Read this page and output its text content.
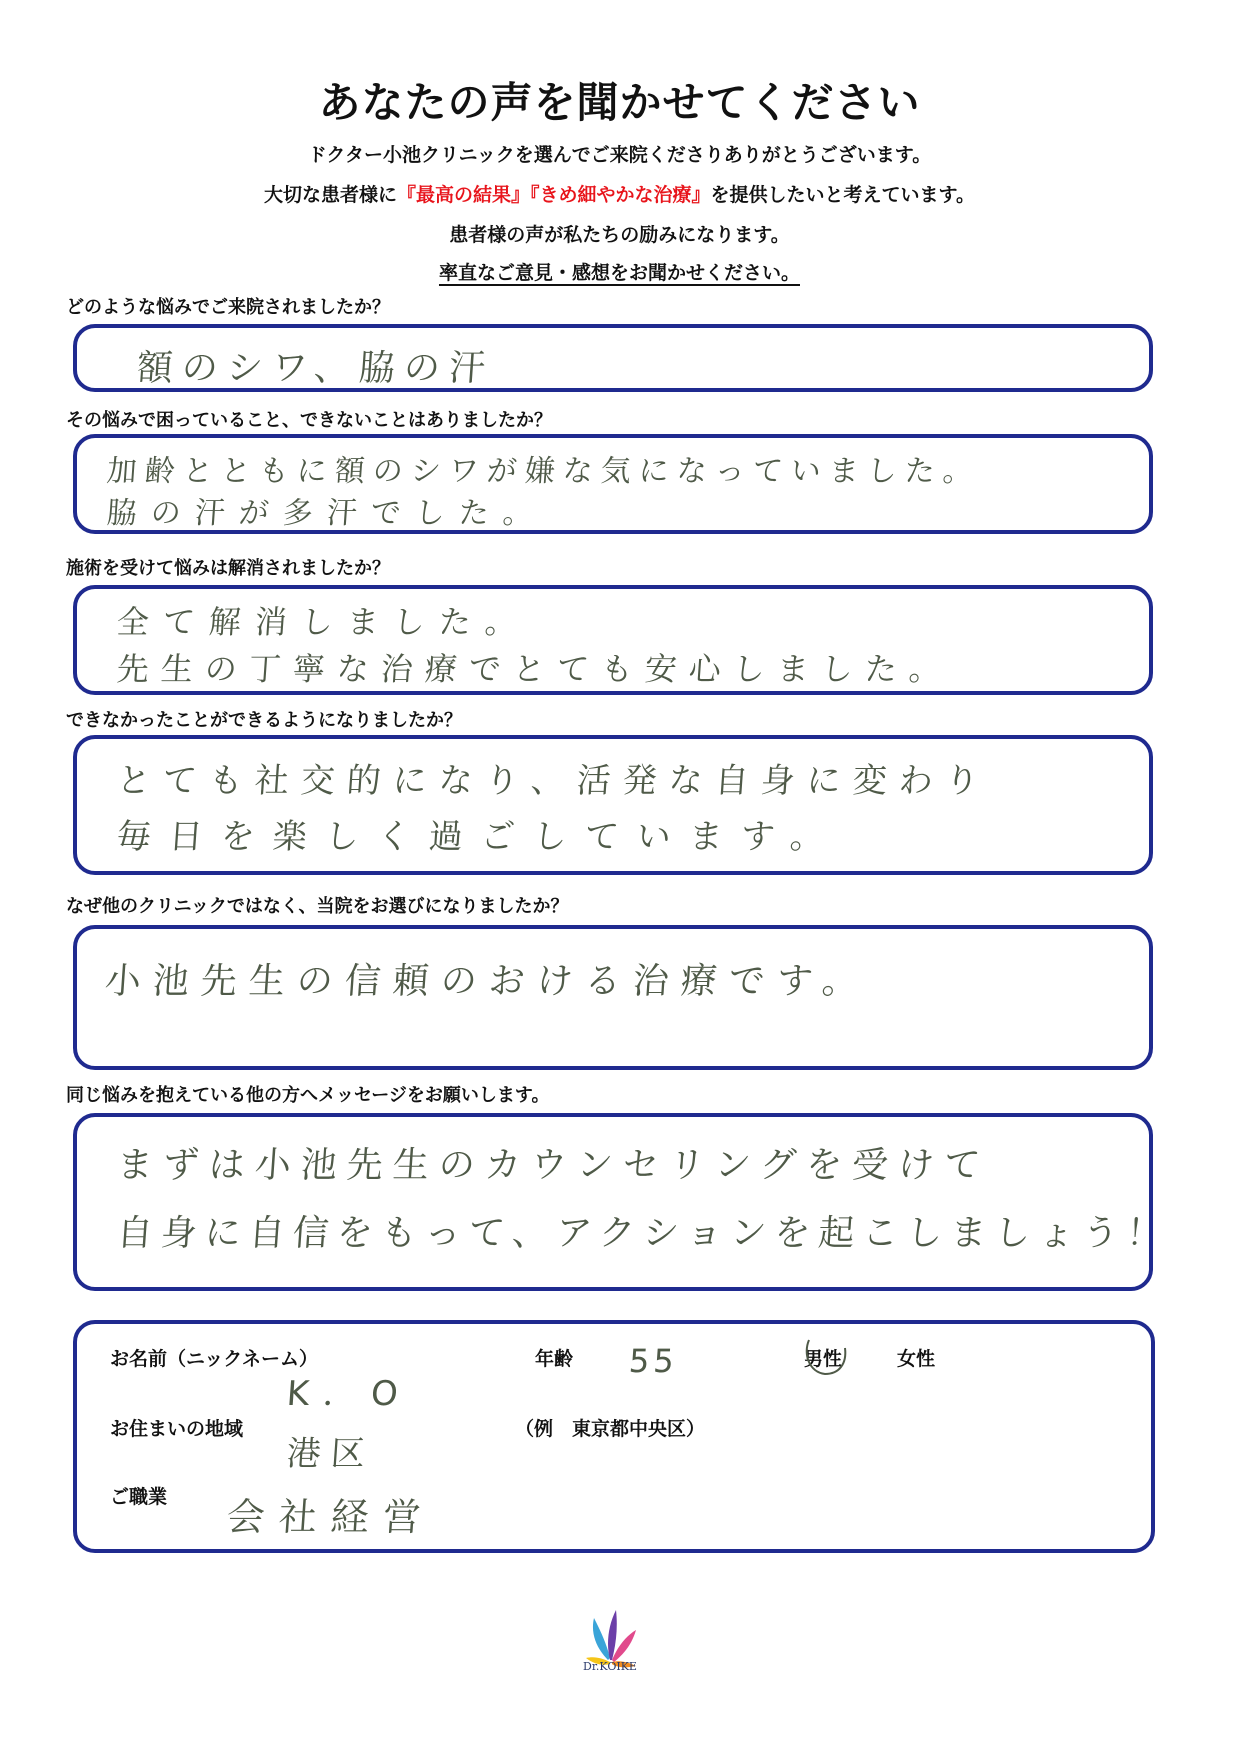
あなたの声を聞かせてください
ドクター小池クリニックを選んでご来院くださりありがとうございます。
大切な患者様に『最高の結果』『きめ細やかな治療』を提供したいと考えています。
患者様の声が私たちの励みになります。
率直なご意見・感想をお聞かせください。
どのような悩みでご来院されましたか？
額のシワ、脇の汗
その悩みで困っていること、できないことはありましたか？
加齢とともに額のシワが嫌な気になっていました。
脇の汗が多汗でした。
施術を受けて悩みは解消されましたか？
全て解消しました。
先生の丁寧な治療でとても安心しました。
できなかったことができるようになりましたか？
とても社交的になり、活発な自身に変わり
毎日を楽しく過ごしています。
なぜ他のクリニックではなく、当院をお選びになりましたか？
小池先生の信頼のおける治療です。
同じ悩みを抱えている他の方へメッセージをお願いします。
まずは小池先生のカウンセリングを受けて
自身に自信をもって、アクションを起こしましょう！
お名前（ニックネーム）
K．O
年齢 55	男性	女性
お住まいの地域
港区
（例　東京都中央区）
ご職業 会社経営
Dr.KOIKE
